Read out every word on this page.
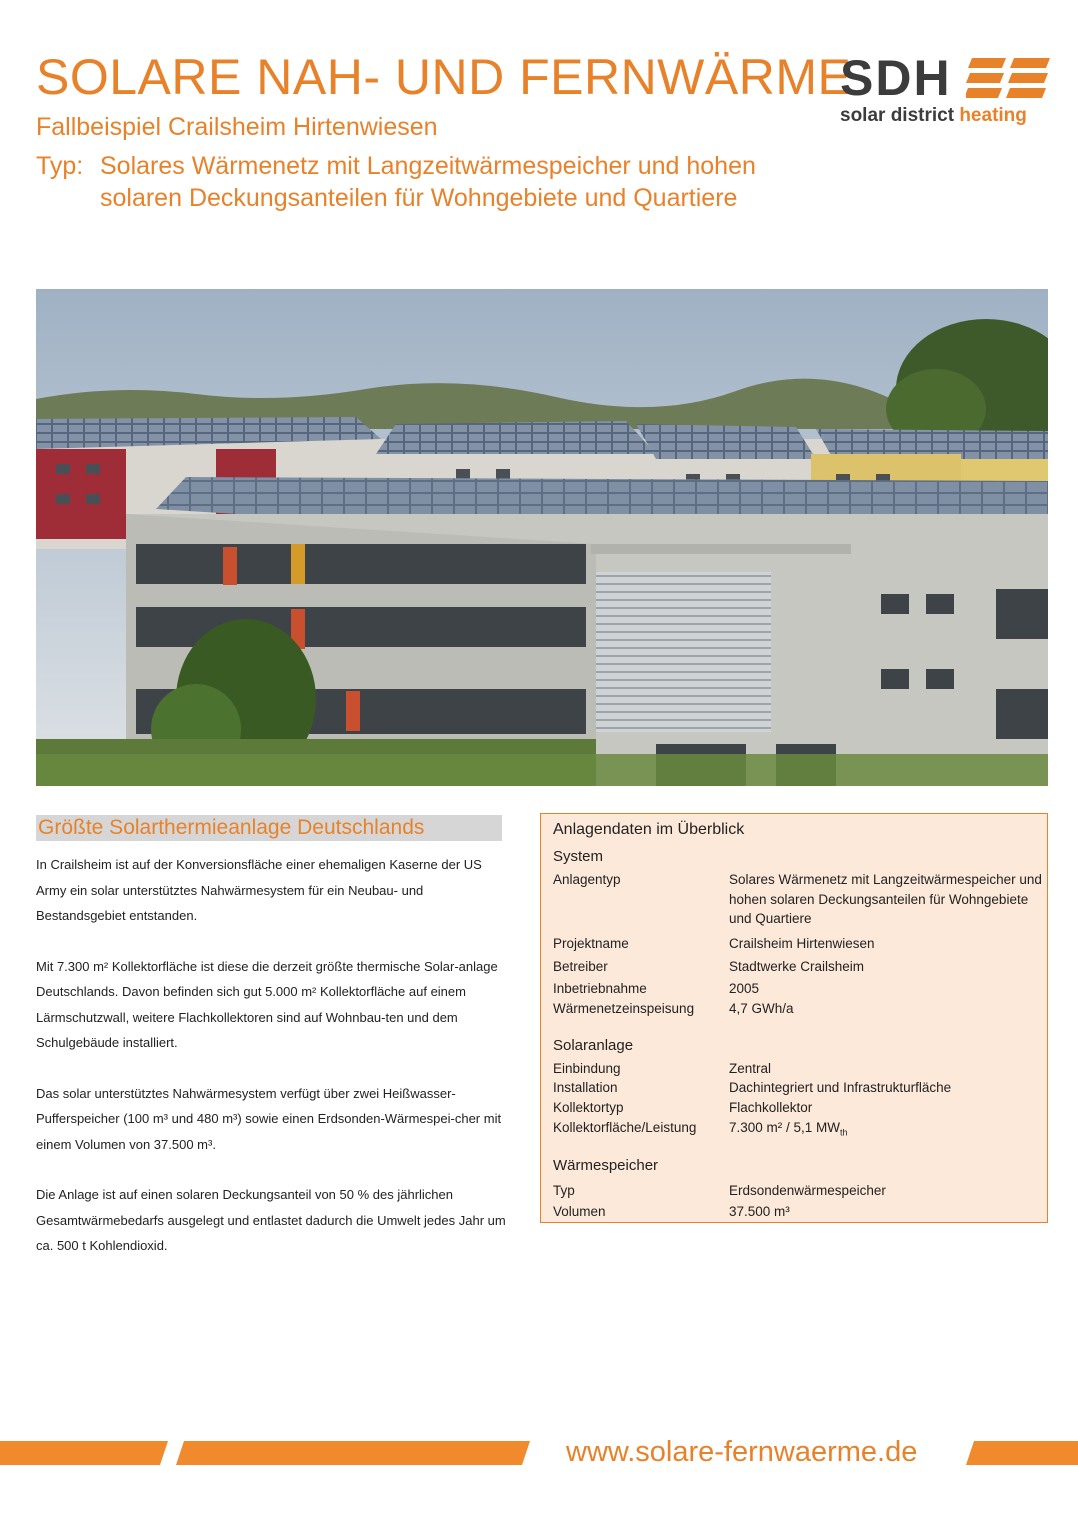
SOLARE NAH- UND FERNWÄRME
Fallbeispiel Crailsheim Hirtenwiesen
Typ: Solares Wärmenetz mit Langzeitwärmespeicher und hohen
solaren Deckungsanteilen für Wohngebiete und Quartiere
SDH
solar district heating
Größte Solarthermieanlage Deutschlands

In Crailsheim ist auf der Konversionsfläche einer ehemaligen Kaserne der US Army ein solar unterstütztes Nahwärmesystem für ein Neubau- und Bestandsgebiet entstanden.

Mit 7.300 m² Kollektorfläche ist diese die derzeit größte thermische Solar-anlage Deutschlands. Davon befinden sich gut 5.000 m² Kollektorfläche auf einem Lärmschutzwall, weitere Flachkollektoren sind auf Wohnbau-ten und dem Schulgebäude installiert.

Das solar unterstütztes Nahwärmesystem verfügt über zwei Heißwasser-Pufferspeicher (100 m³ und 480 m³) sowie einen Erdsonden-Wärmespei-cher mit einem Volumen von 37.500 m³.

Die Anlage ist auf einen solaren Deckungsanteil von 50 % des jährlichen Gesamtwärmebedarfs ausgelegt und entlastet dadurch die Umwelt jedes Jahr um ca. 500 t Kohlendioxid.

Anlagendaten im Überblick
System
Anlagentyp	Solares Wärmenetz mit Langzeitwärmespeicher und hohen solaren Deckungsanteilen für Wohngebiete und Quartiere
Projektname	Crailsheim Hirtenwiesen
Betreiber	Stadtwerke Crailsheim
Inbetriebnahme	2005
Wärmenetzeinspeisung	4,7 GWh/a
Solaranlage
Einbindung	Zentral
Installation	Dachintegriert und Infrastrukturfläche
Kollektortyp	Flachkollektor
Kollektorfläche/Leistung 7.300 m² / 5,1 $MW_{th}$
Wärmespeicher
Typ	Erdsondenwärmespeicher
Volumen	37.500 m³
www.solare-fernwaerme.de
